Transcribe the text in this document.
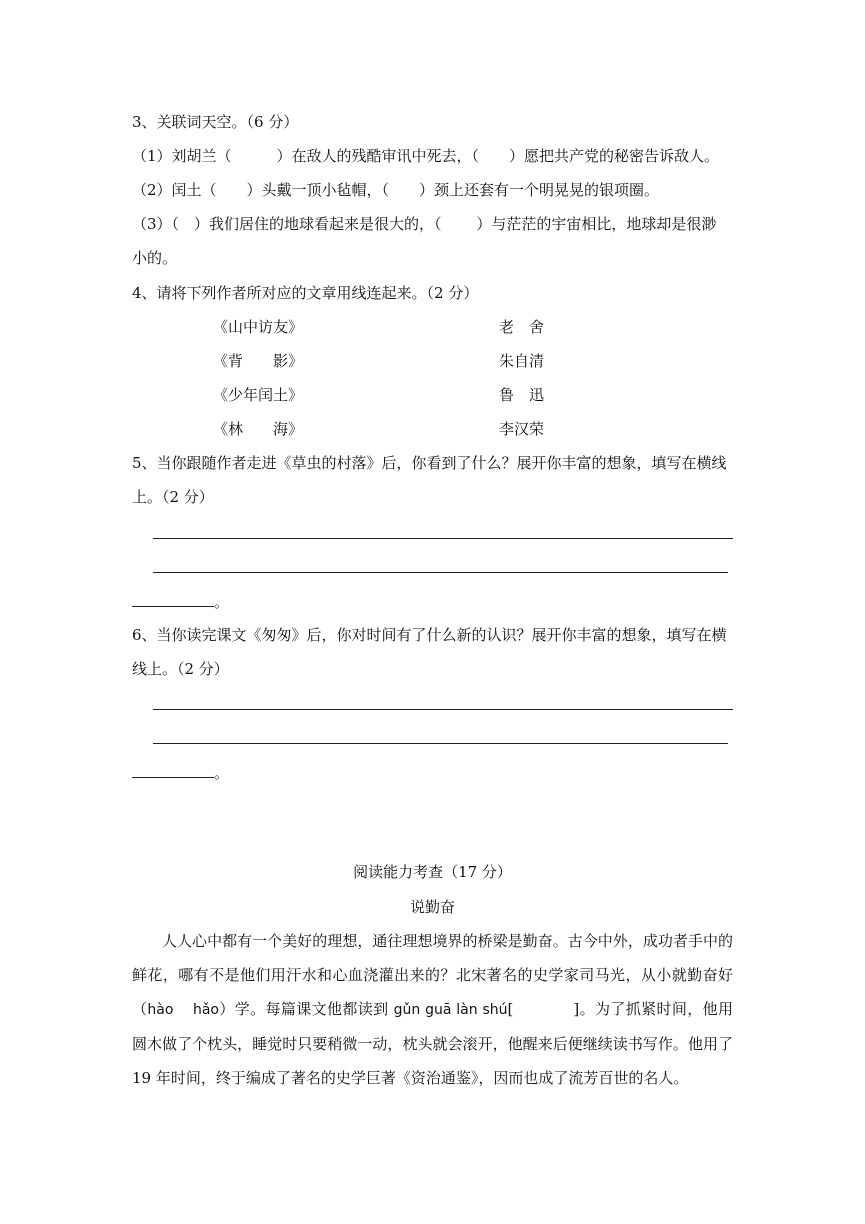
3、关联词天空。（6 分）
（1）刘胡兰（　　　）在敌人的残酷审讯中死去，（　　）愿把共产党的秘密告诉敌人。
（2）闰土（　　）头戴一顶小毡帽，（　　）颈上还套有一个明晃晃的银项圈。
（3）（　）我们居住的地球看起来是很大的，（　　 ）与茫茫的宇宙相比，地球却是很渺
小的。
4、请将下列作者所对应的文章用线连起来。（2 分）
《山中访友》	老　舍
《背　　影》	朱自清
《少年闰土》	鲁　迅
《林　　海》	李汉荣
5、当你跟随作者走进《草虫的村落》后，你看到了什么？展开你丰富的想象，填写在横线
上。（2 分）
。
6、当你读完课文《匆匆》后，你对时间有了什么新的认识？展开你丰富的想象，填写在横
线上。（2 分）
。
阅读能力考查（17 分）
说勤奋
人人心中都有一个美好的理想，通往理想境界的桥梁是勤奋。古今中外，成功者手中的鲜花，哪有不是他们用汗水和心血浇灌出来的？北宋著名的史学家司马光，从小就勤奋好（hào　 hǎo）学。每篇课文他都读到 gǔn guā làn shú[	]。为了抓紧时间，他用圆木做了个枕头，睡觉时只要稍微一动，枕头就会滚开，他醒来后便继续读书写作。他用了 19 年时间，终于编成了著名的史学巨著《资治通鉴》，因而也成了流芳百世的名人。
